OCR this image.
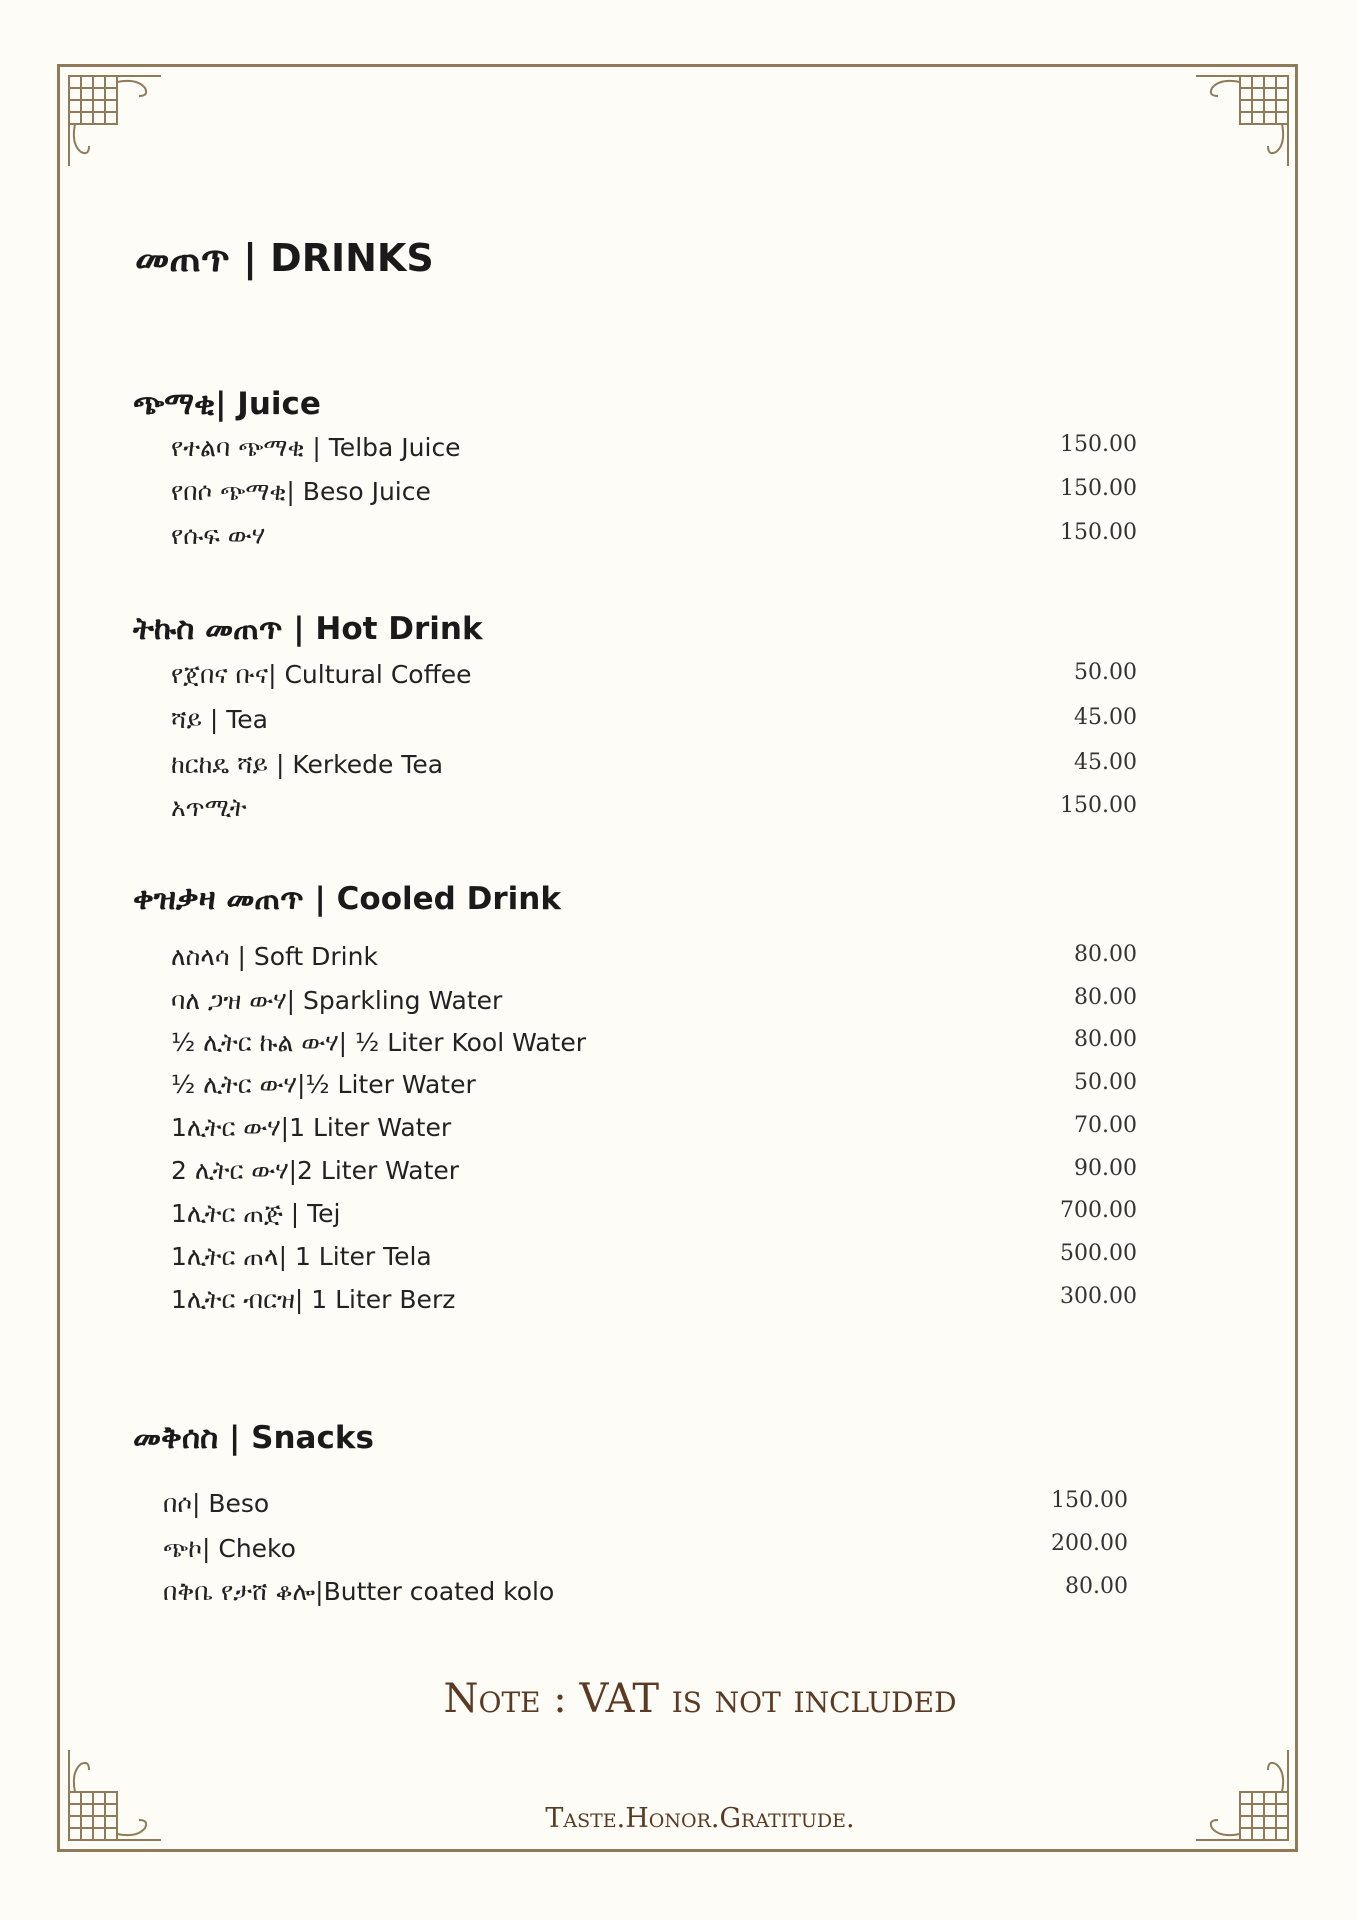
መጠጥ | DRINKS
ጭማቂ| Juice
የተልባ ጭማቂ | Telba Juice	150.00
የበሶ ጭማቂ| Beso Juice	150.00
የሱፍ ውሃ	150.00
ትኩስ መጠጥ | Hot Drink
የጀበና ቡና| Cultural Coffee	50.00
ሻይ | Tea	45.00
ከርከዴ ሻይ | Kerkede Tea	45.00
አጥሚት	150.00
ቀዝቃዛ መጠጥ | Cooled Drink
ለስላሳ | Soft Drink	80.00
ባለ ጋዝ ውሃ| Sparkling Water	80.00
½ ሊትር ኩል ውሃ| ½ Liter Kool Water	80.00
½ ሊትር ውሃ|½ Liter Water	50.00
1ሊትር ውሃ|1 Liter Water	70.00
2 ሊትር ውሃ|2 Liter Water	90.00
1ሊትር ጠጅ | Tej	700.00
1ሊትር ጠላ| 1 Liter Tela	500.00
1ሊትር ብርዝ| 1 Liter Berz	300.00
መቅሰስ | Snacks
በሶ| Beso	150.00
ጭኮ| Cheko	200.00
በቅቤ የታሸ ቆሎ|Butter coated kolo	80.00
Note : VAT is not included
Taste.Honor.Gratitude.
